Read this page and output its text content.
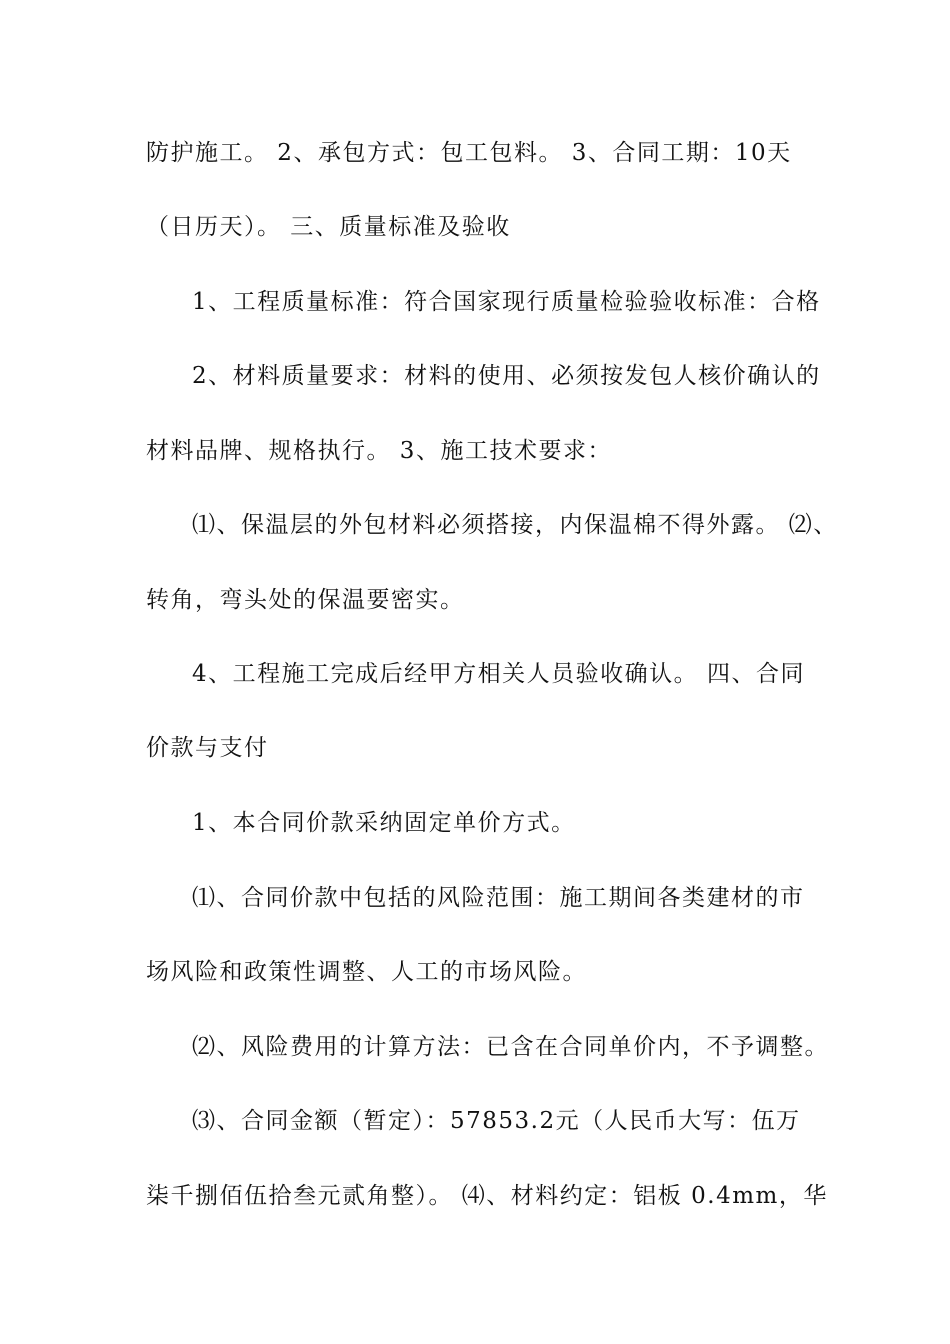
防护施工。 2、承包方式：包工包料。 3、合同工期：10天
（日历天）。 三、质量标准及验收
1、工程质量标准：符合国家现行质量检验验收标准：合格
2、材料质量要求：材料的使用、必须按发包人核价确认的
材料品牌、规格执行。 3、施工技术要求：
⑴、保温层的外包材料必须搭接，内保温棉不得外露。 ⑵、
转角，弯头处的保温要密实。
4、工程施工完成后经甲方相关人员验收确认。 四、合同
价款与支付
1、本合同价款采纳固定单价方式。
⑴、合同价款中包括的风险范围：施工期间各类建材的市
场风险和政策性调整、人工的市场风险。
⑵、风险费用的计算方法：已含在合同单价内，不予调整。
⑶、合同金额（暂定）：57853.2元（人民币大写：伍万
柒千捌佰伍拾叁元贰角整）。 ⑷、材料约定：铝板 0.4mm，华
